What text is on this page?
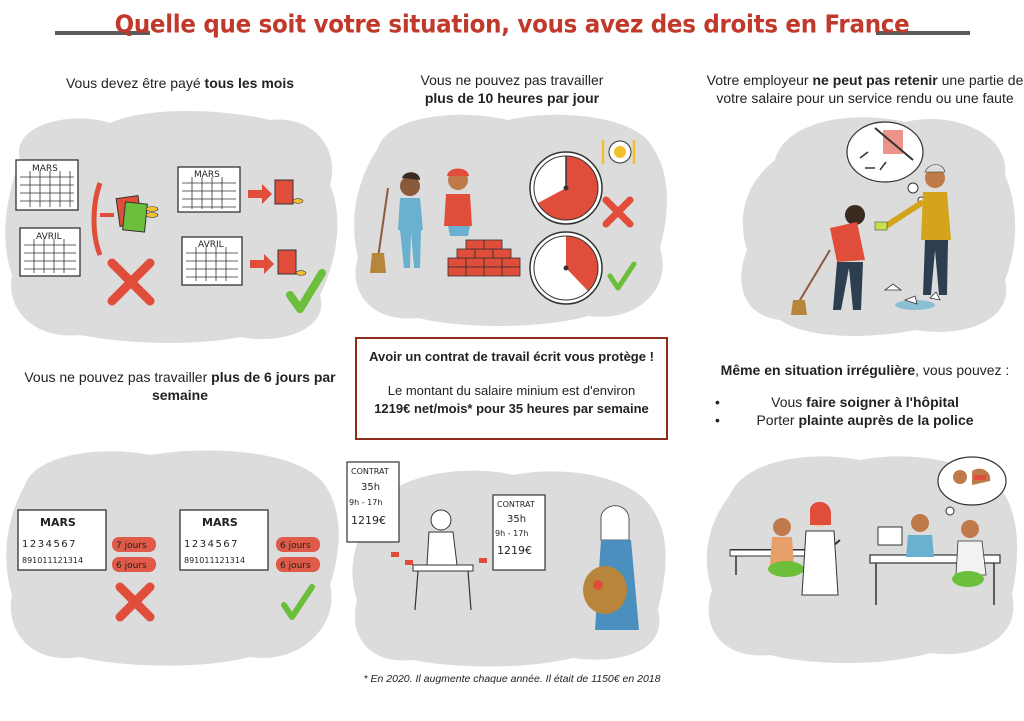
Quelle que soit votre situation, vous avez des droits en France
Vous devez être payé tous les mois	Vous ne pouvez pas travailler
plus de 10 heures par jour
Votre employeur ne peut pas retenir une partie de
votre salaire pour un service rendu ou une faute
Vous ne pouvez pas travailler plus de 6 jours par semaine
Avoir un contrat de travail écrit vous protège !
Le montant du salaire minium est d'environ
1219€ net/mois* pour 35 heures par semaine
Même en situation irrégulière, vous pouvez :
• Vous faire soigner à l'hôpital
• Porter plainte auprès de la police
MARS
AVRIL
MARS
AVRIL
MARS	MARS
1234567
891011121314
1234567
891011121314
7 jours
6 jours
6 jours
6 jours
CONTRAT
35h
9h - 17h
1219€
CONTRAT
35h
9h - 17h
1219€
* En 2020. Il augmente chaque année. Il était de 1150€ en 2018
